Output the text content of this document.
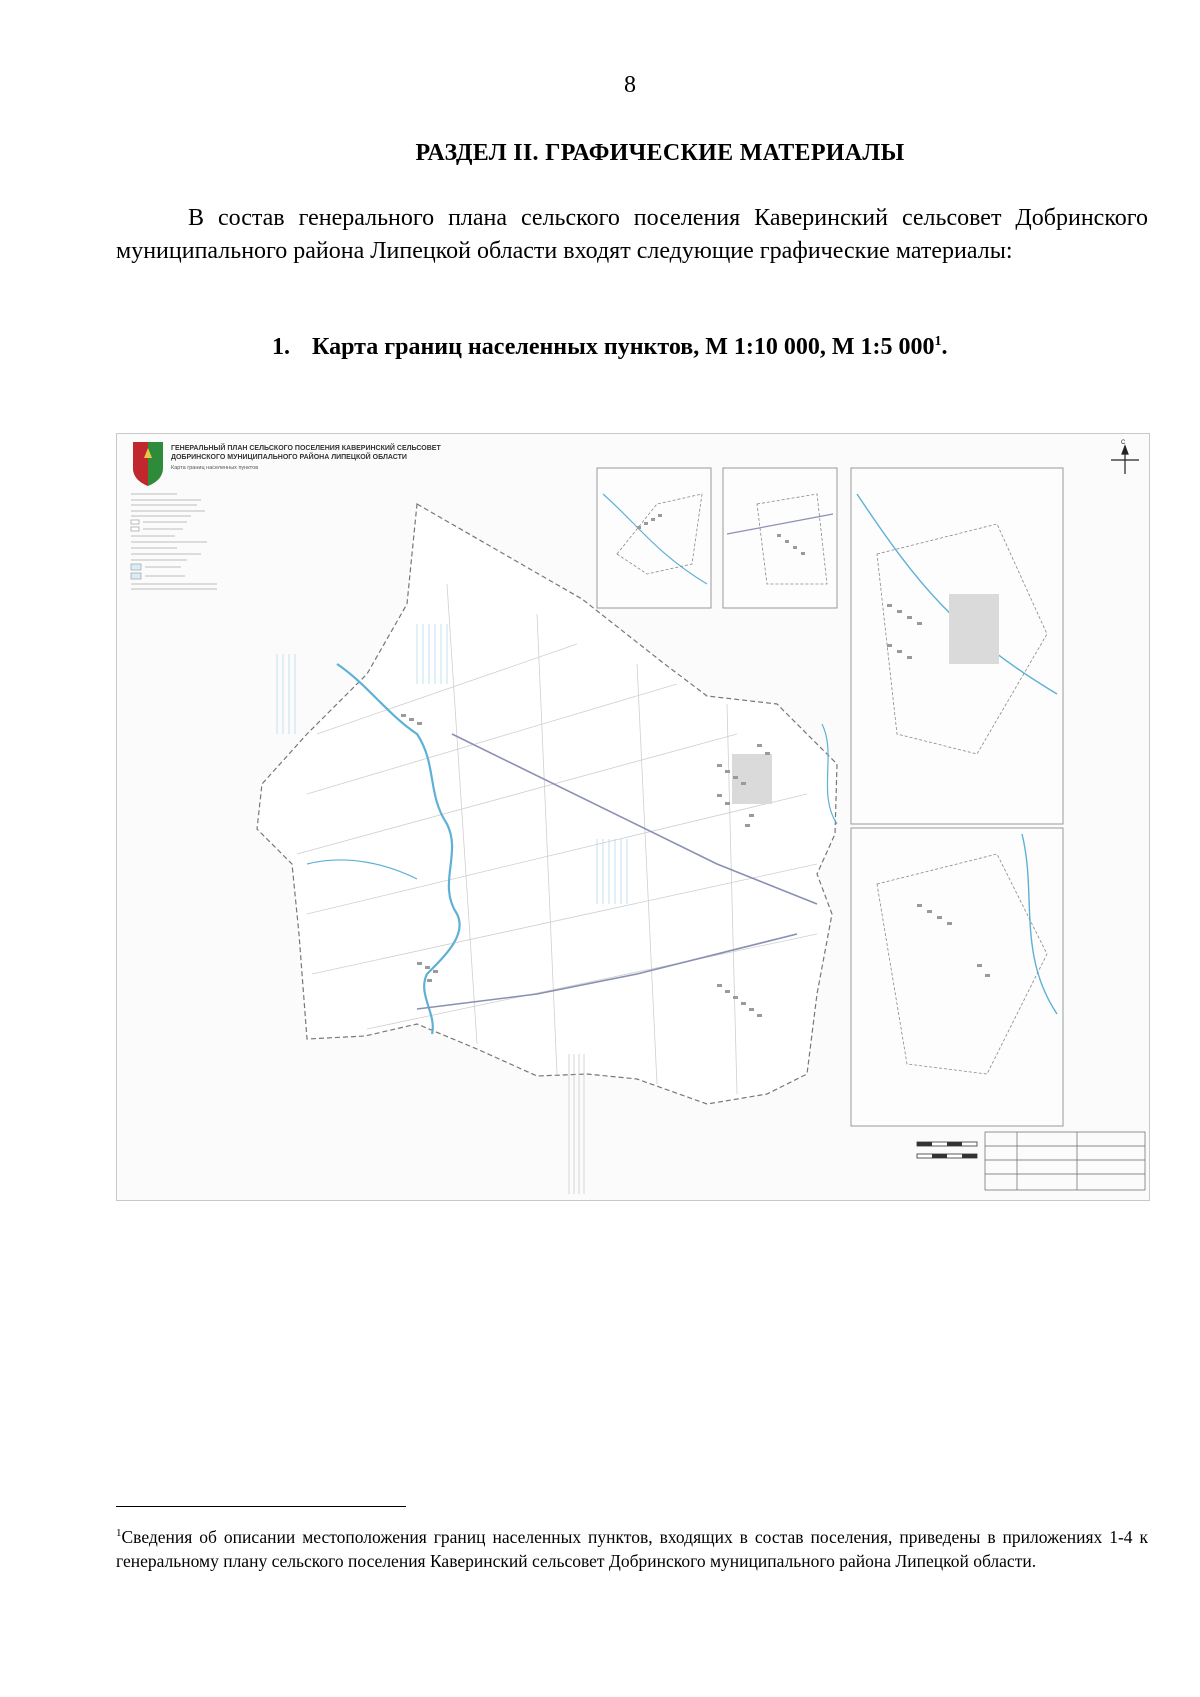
8
РАЗДЕЛ II. ГРАФИЧЕСКИЕ МАТЕРИАЛЫ

В состав генерального плана сельского поселения Каверинский сельсовет Добринского муниципального района Липецкой области входят следующие графические материалы:

1. Карта границ населенных пунктов, М 1:10 000, М 1:5 $000^1$.
ГЕНЕРАЛЬНЫЙ ПЛАН СЕЛЬСКОГО ПОСЕЛЕНИЯ КАВЕРИНСКИЙ СЕЛЬСОВЕТ
ДОБРИНСКОГО МУНИЦИПАЛЬНОГО РАЙОНА ЛИПЕЦКОЙ ОБЛАСТИ
Карта границ населенных пунктов
С

$^1$Сведения об описании местоположения границ населенных пунктов, входящих в состав поселения, приведены в приложениях 1-4 к генеральному плану сельского поселения Каверинский сельсовет Добринского муниципального района Липецкой области.
